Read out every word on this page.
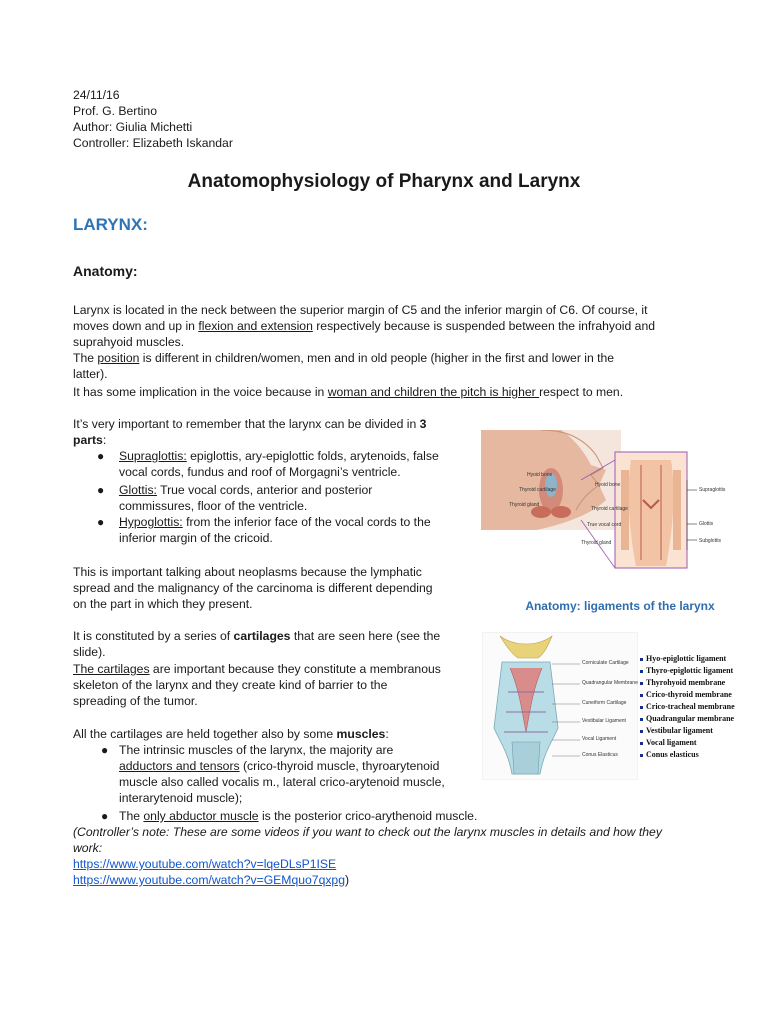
24/11/16
Prof. G. Bertino
Author: Giulia Michetti
Controller: Elizabeth Iskandar
Anatomophysiology of Pharynx and Larynx
LARYNX:
Anatomy:
Larynx is located in the neck between the superior margin of C5 and the inferior margin of C6. Of course, it
moves down and up in flexion and extension respectively because is suspended between the infrahyoid and
suprahyoid muscles.
The position is different in children/women, men and in old people (higher in the first and lower in the
latter).
It has some implication in the voice because in woman and children the pitch is higher respect to men.
It’s very important to remember that the larynx can be divided in 3
parts:
● Supraglottis: epiglottis, ary-epiglottic folds, arytenoids, false
vocal cords, fundus and roof of Morgagni’s ventricle.
● Glottis: True vocal cords, anterior and posterior
commissures, floor of the ventricle.
● Hypoglottis: from the inferior face of the vocal cords to the
inferior margin of the cricoid.
This is important talking about neoplasms because the lymphatic
spread and the malignancy of the carcinoma is different depending
on the part in which they present.
It is constituted by a series of cartilages that are seen here (see the
slide).
The cartilages are important because they constitute a membranous
skeleton of the larynx and they create kind of barrier to the
spreading of the tumor.
All the cartilages are held together also by some muscles:
● The intrinsic muscles of the larynx, the majority are
adductors and tensors (crico-thyroid muscle, thyroarytenoid
muscle also called vocalis m., lateral crico-arytenoid muscle,
interarytenoid muscle);
● The only abductor muscle is the posterior crico-arythenoid muscle.
(Controller’s note: These are some videos if you want to check out the larynx muscles in details and how they
work:
https://www.youtube.com/watch?v=lqeDLsP1ISE
https://www.youtube.com/watch?v=GEMquo7qxpg)
Hyoid bone
Thyroid cartilage
Thyroid gland
Hyoid bone
Thyroid cartilage
True vocal cord
Thyroid gland
Supraglottis
Glottis
Subglottis
Anatomy: ligaments of the larynx
Corniculate Cartilage
Quadrangular Membrane
Cuneiform Cartilage
Vestibular Ligament
Vocal Ligament
Conus Elasticus
Hyo-epiglottic ligament
Thyro-epiglottic ligament
Thyrohyoid membrane
Crico-thyroid membrane
Crico-tracheal membrane
Quadrangular membrane
Vestibular ligament
Vocal ligament
Conus elasticus
